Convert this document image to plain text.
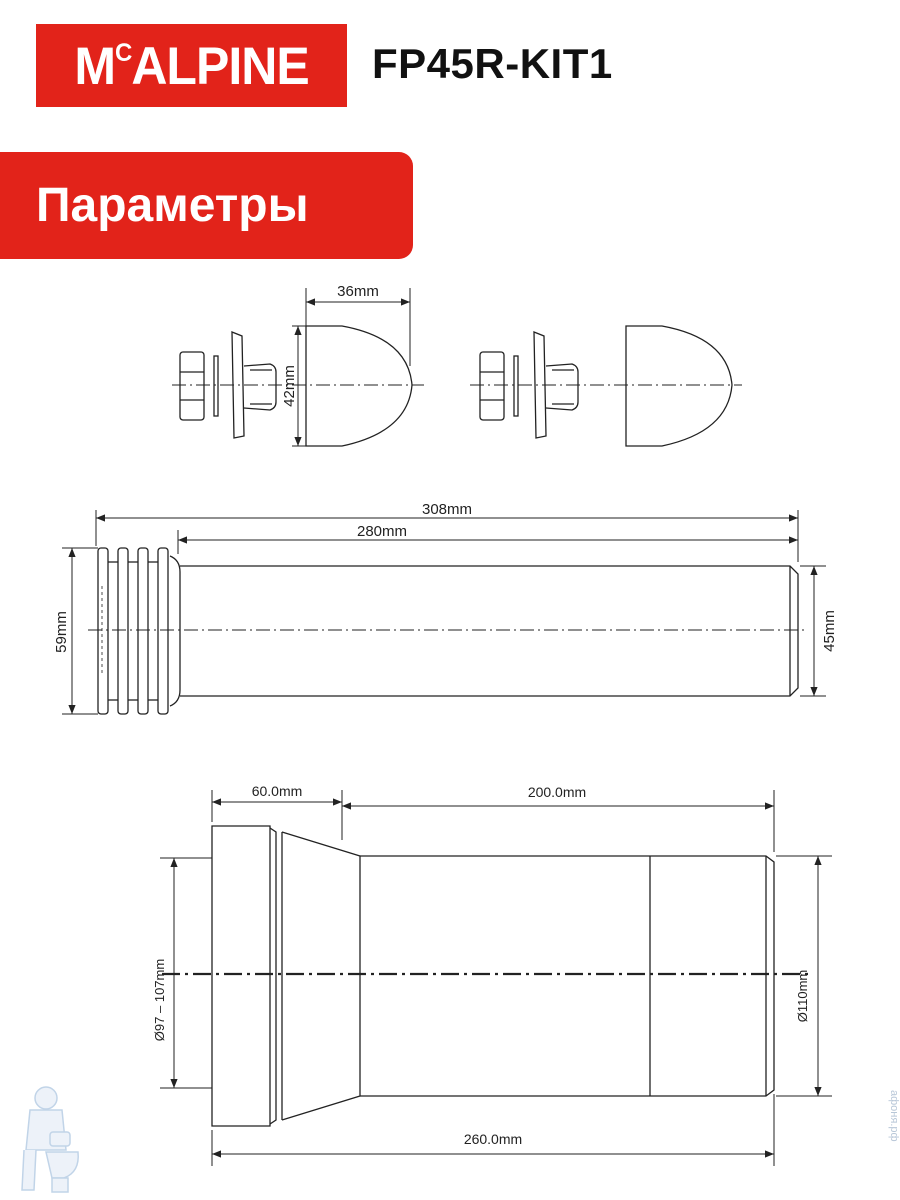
$M^CALPINE$ FP45R-KIT1
Параметры
36mm
42mm
308mm
280mm
59mm	45mm
60.0mm	200.0mm
260.0mm
Ø97 – 107mm	Ø110mm
афоня.рф
